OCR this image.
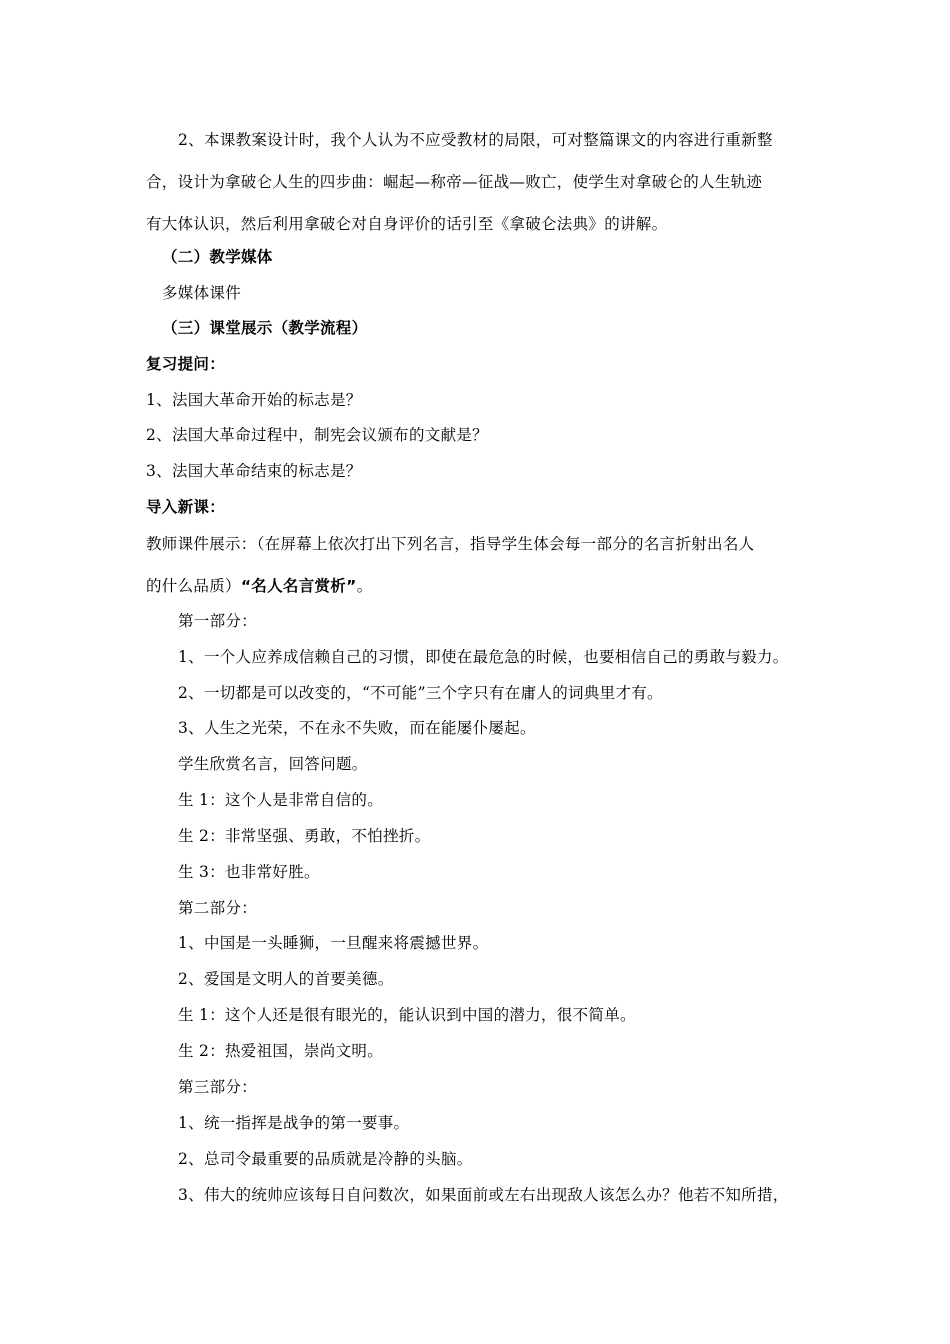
2、本课教案设计时，我个人认为不应受教材的局限，可对整篇课文的内容进行重新整
合，设计为拿破仑人生的四步曲：崛起—称帝—征战—败亡，使学生对拿破仑的人生轨迹
有大体认识，然后利用拿破仑对自身评价的话引至《拿破仑法典》的讲解。
（二）教学媒体
多媒体课件
（三）课堂展示（教学流程）
复习提问：
1、法国大革命开始的标志是？
2、法国大革命过程中，制宪会议颁布的文献是？
3、法国大革命结束的标志是？
导入新课：
教师课件展示：（在屏幕上依次打出下列名言，指导学生体会每一部分的名言折射出名人
的什么品质）“名人名言赏析”。
第一部分：
1、一个人应养成信赖自己的习惯，即使在最危急的时候，也要相信自己的勇敢与毅力。
2、一切都是可以改变的，“不可能”三个字只有在庸人的词典里才有。
3、人生之光荣，不在永不失败，而在能屡仆屡起。
学生欣赏名言，回答问题。
生 1：这个人是非常自信的。
生 2：非常坚强、勇敢，不怕挫折。
生 3：也非常好胜。
第二部分：
1、中国是一头睡狮，一旦醒来将震撼世界。
2、爱国是文明人的首要美德。
生 1：这个人还是很有眼光的，能认识到中国的潜力，很不简单。
生 2：热爱祖国，崇尚文明。
第三部分：
1、统一指挥是战争的第一要事。
2、总司令最重要的品质就是冷静的头脑。
3、伟大的统帅应该每日自问数次，如果面前或左右出现敌人该怎么办？他若不知所措，
